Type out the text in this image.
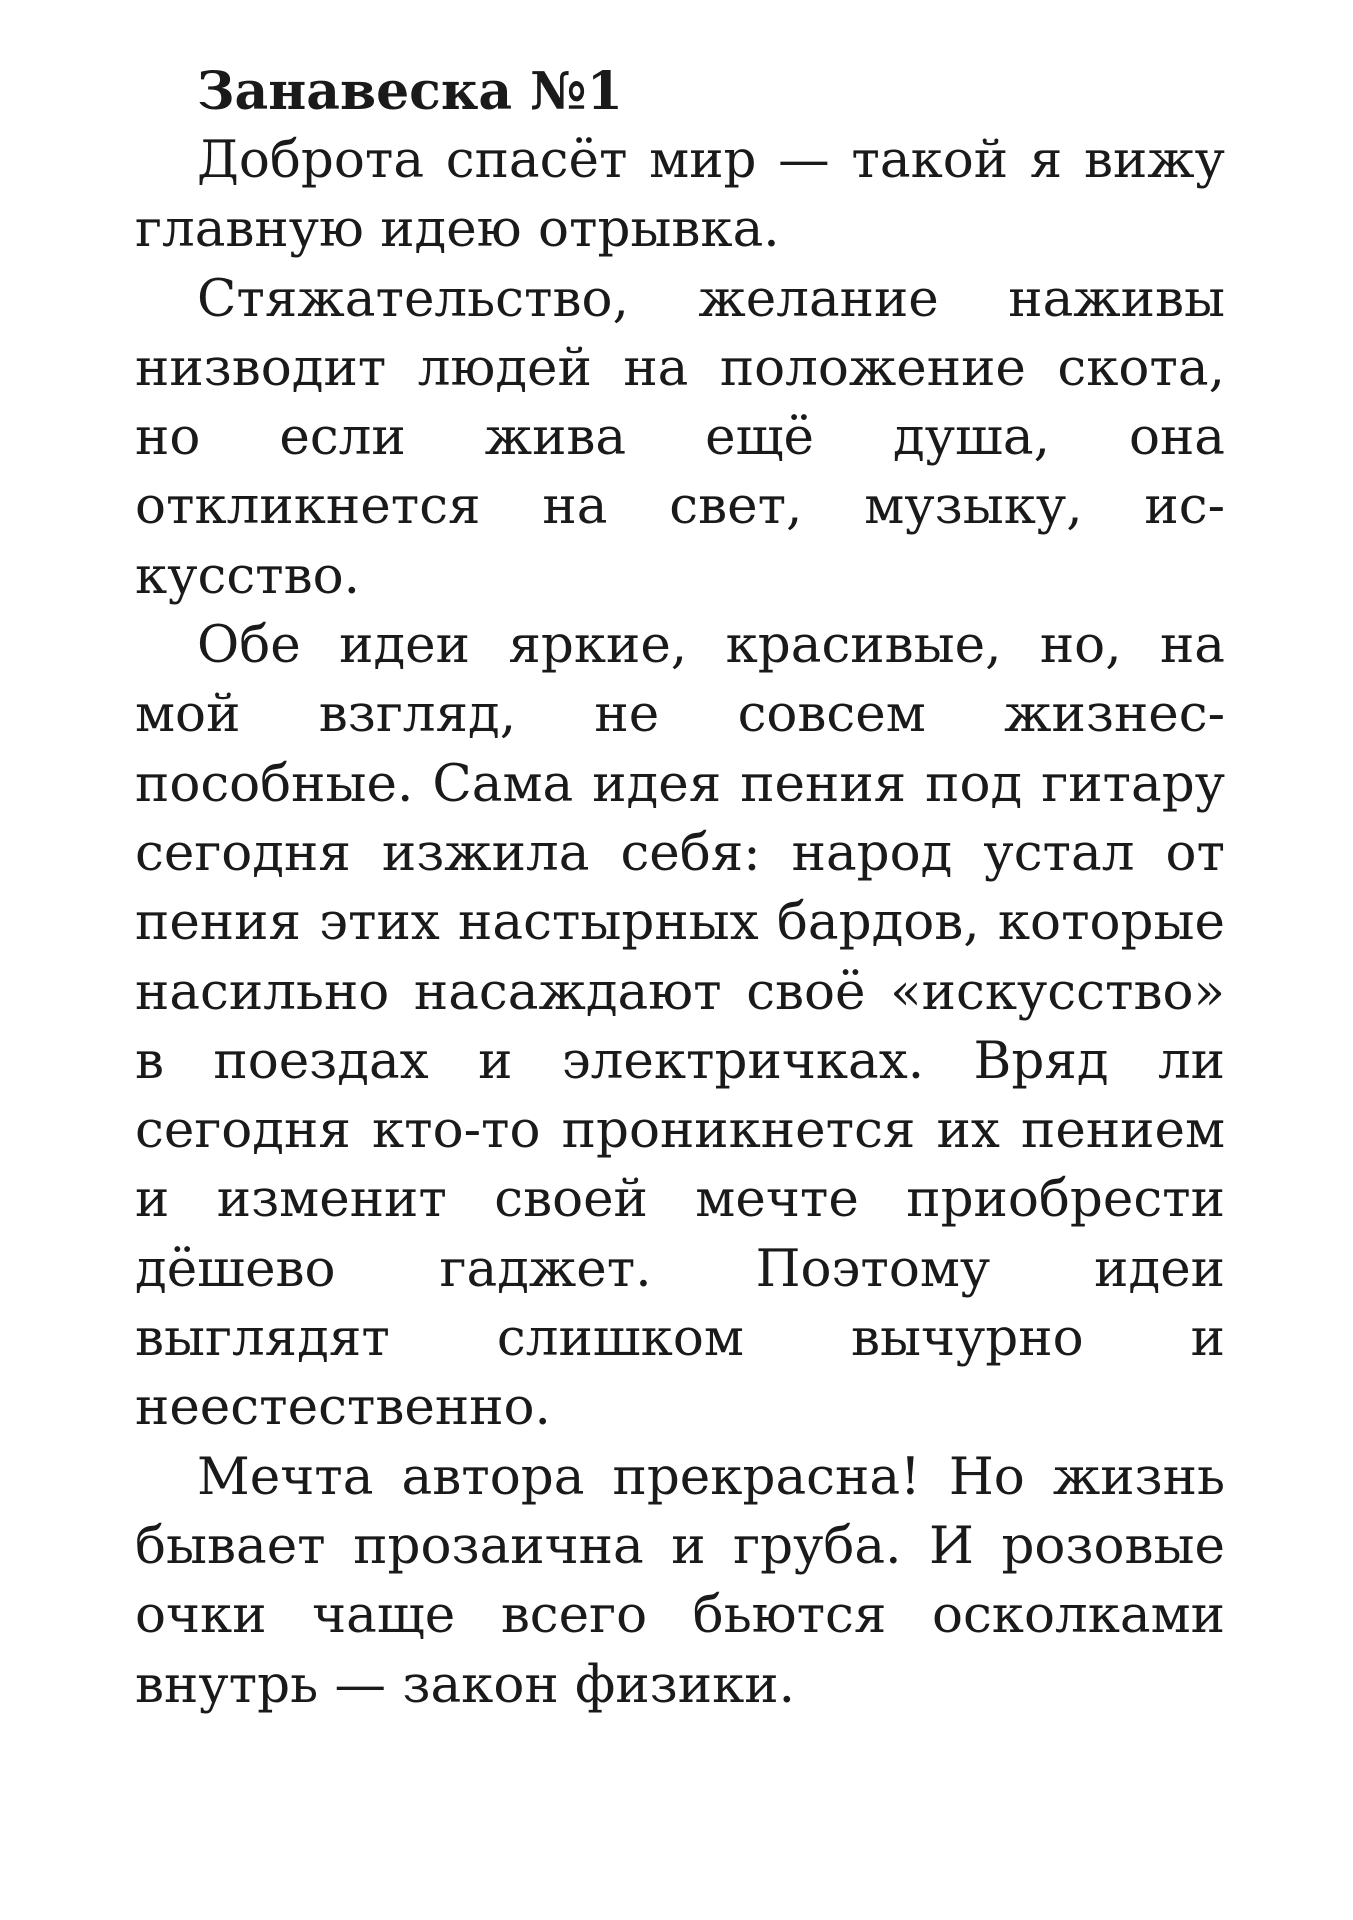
Занавеска №1

Доброта спасёт мир — такой я вижу главную идею отрывка.

Стяжательство, желание наживы низводит людей на положение скота, но если жива ещё душа, она откликнется на свет, музыку, искусство.

Обе идеи яркие, красивые, но, на мой взгляд, не совсем жизнеспособные. Сама идея пения под гитару сегодня изжила себя: народ устал от пения этих настырных бардов, которые насильно насаждают своё «искусство» в поездах и электричках. Вряд ли сегодня кто-то проникнется их пением и изменит своей мечте приобрести дёшево гаджет. Поэтому идеи выглядят слишком вычурно и неестественно.

Мечта автора прекрасна! Но жизнь бывает прозаична и груба. И розовые очки чаще всего бьются осколками внутрь — закон физики.
